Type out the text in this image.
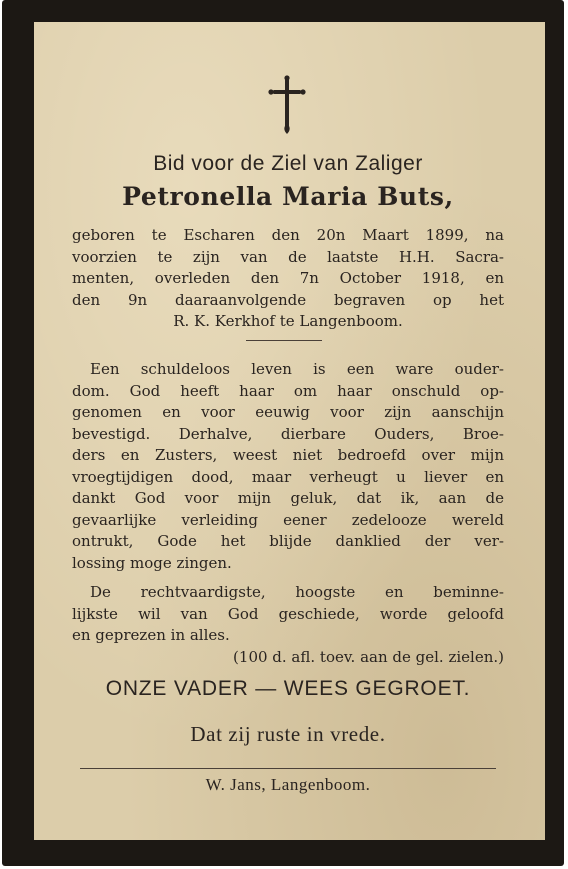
Bid voor de Ziel van Zaliger
Petronella Maria Buts,
geboren te Escharen den 20n Maart 1899, na
voorzien te zijn van de laatste H.H. Sacra-
menten, overleden den 7n October 1918, en
den 9n daaraanvolgende begraven op het
R. K. Kerkhof te Langenboom.
Een schuldeloos leven is een ware ouder-
dom. God heeft haar om haar onschuld op-
genomen en voor eeuwig voor zijn aanschijn
bevestigd. Derhalve, dierbare Ouders, Broe-
ders en Zusters, weest niet bedroefd over mijn
vroegtijdigen dood, maar verheugt u liever en
dankt God voor mijn geluk, dat ik, aan de
gevaarlijke verleiding eener zedelooze wereld
ontrukt, Gode het blijde danklied der ver-
lossing moge zingen.
De rechtvaardigste, hoogste en beminne-
lijkste wil van God geschiede, worde geloofd
en geprezen in alles.
(100 d. afl. toev. aan de gel. zielen.)
ONZE VADER — WEES GEGROET.
Dat zij ruste in vrede.
W. Jans, Langenboom.
